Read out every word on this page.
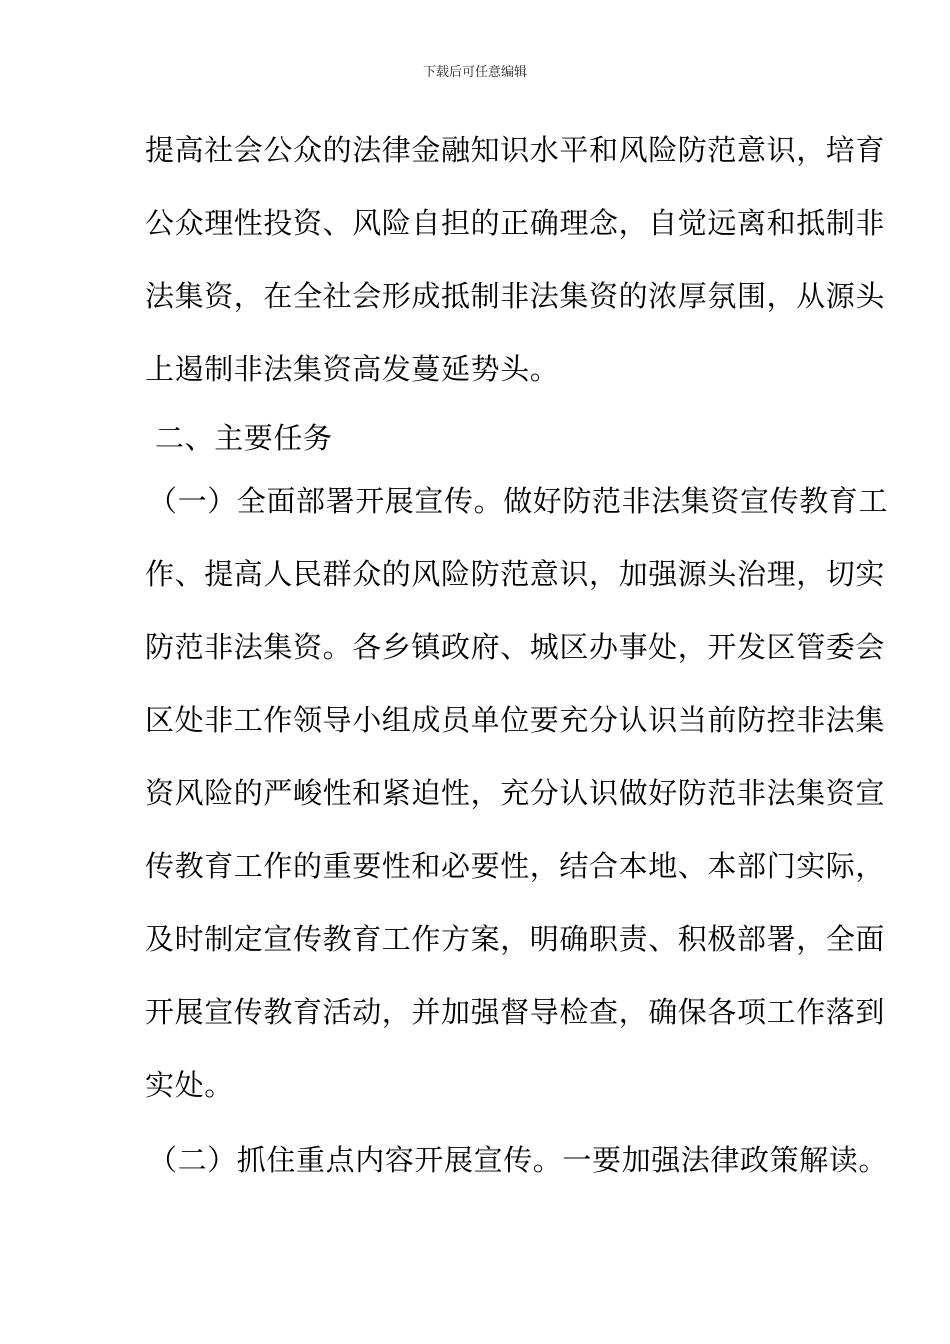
下载后可任意编辑
提高社会公众的法律金融知识水平和风险防范意识，培育
公众理性投资、风险自担的正确理念，自觉远离和抵制非
法集资，在全社会形成抵制非法集资的浓厚氛围，从源头
上遏制非法集资高发蔓延势头。
二、主要任务
（一）全面部署开展宣传。做好防范非法集资宣传教育工
作、提高人民群众的风险防范意识，加强源头治理，切实
防范非法集资。各乡镇政府、城区办事处，开发区管委会
区处非工作领导小组成员单位要充分认识当前防控非法集
资风险的严峻性和紧迫性，充分认识做好防范非法集资宣
传教育工作的重要性和必要性，结合本地、本部门实际，
及时制定宣传教育工作方案，明确职责、积极部署，全面
开展宣传教育活动，并加强督导检查，确保各项工作落到
实处。
（二）抓住重点内容开展宣传。一要加强法律政策解读。
